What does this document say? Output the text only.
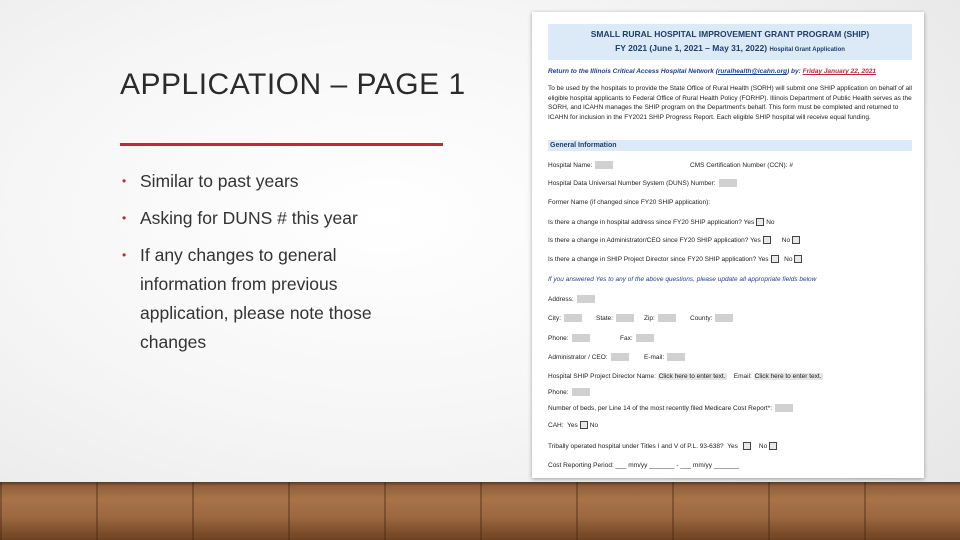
APPLICATION – PAGE 1
• Similar to past years
• Asking for DUNS # this year
• If any changes to general information from previous application, please note those changes
SMALL RURAL HOSPITAL IMPROVEMENT GRANT PROGRAM (SHIP)
FY 2021 (June 1, 2021 – May 31, 2022) Hospital Grant Application
Return to the Illinois Critical Access Hospital Network (ruralhealth@icahn.org) by: Friday January 22, 2021
To be used by the hospitals to provide the State Office of Rural Health (SORH) will submit one SHIP application on behalf of all eligible hospital applicants to Federal Office of Rural Health Policy (FORHP). Illinois Department of Public Health serves as the SORH, and ICAHN manages the SHIP program on the Department's behalf. This form must be completed and returned to ICAHN for inclusion in the FY2021 SHIP Progress Report. Each eligible SHIP hospital will receive equal funding.
General Information
Hospital Name:	CMS Certification Number (CCN): #
Hospital Data Universal Number System (DUNS) Number:
Former Name (if changed since FY20 SHIP application):
Is there a change in hospital address since FY20 SHIP application? Yes No
Is there a change in Administrator/CEO since FY20 SHIP application? Yes	No
Is there a change in SHIP Project Director since FY20 SHIP application? Yes No
If you answered Yes to any of the above questions, please update all appropriate fields below
Address:
City:	State:	Zip:	County:
Phone:	Fax:
Administrator / CEO:	E-mail:
Hospital SHIP Project Director Name: Click here to enter text. Email: Click here to enter text.
Phone:
Number of beds, per Line 14 of the most recently filed Medicare Cost Report*:
CAH: Yes No
Tribally operated hospital under Titles I and V of P.L. 93-638? Yes	No
Cost Reporting Period: ___ mm/yy _______ - ___ mm/yy _______
